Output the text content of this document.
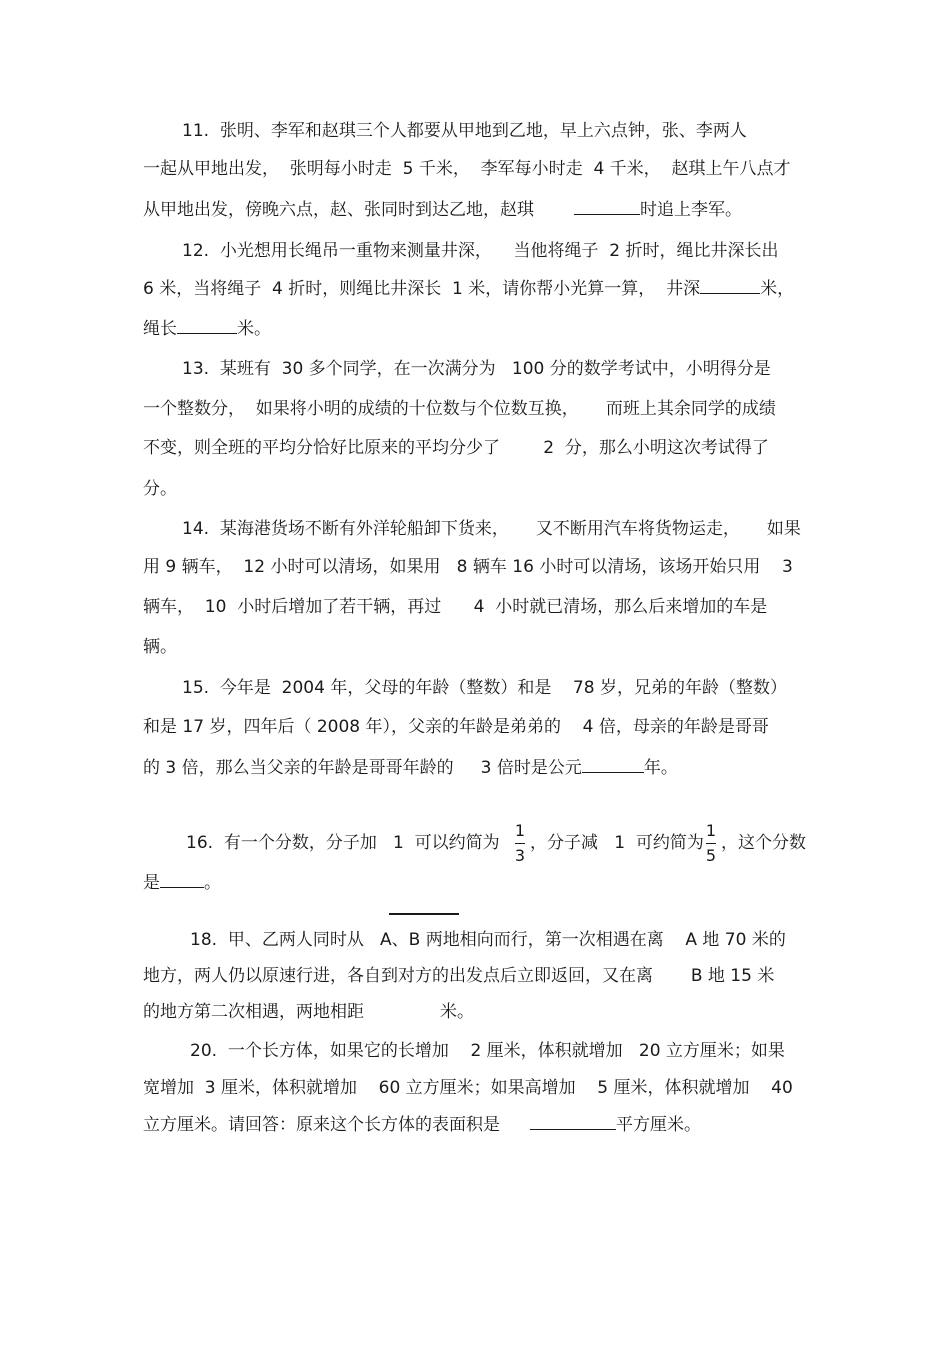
11.  张明、李军和赵琪三个人都要从甲地到乙地，早上六点钟，张、李两人
一起从甲地出发，  张明每小时走  5 千米，  李军每小时走  4 千米，  赵琪上午八点才
从甲地出发，傍晚六点，赵、张同时到达乙地，赵琪	时追上李军。
12.  小光想用长绳吊一重物来测量井深，    当他将绳子  2 折时，绳比井深长出
6 米，当将绳子  4 折时，则绳比井深长  1 米，请你帮小光算一算，  井深	米，
绳长	米。
13.  某班有  30 多个同学，在一次满分为   100 分的数学考试中，小明得分是
一个整数分，  如果将小明的成绩的十位数与个位数互换，     而班上其余同学的成绩
不变，则全班的平均分恰好比原来的平均分少了        2  分，那么小明这次考试得了
分。
14.  某海港货场不断有外洋轮船卸下货来，     又不断用汽车将货物运走，     如果
用 9 辆车，  12 小时可以清场，如果用   8 辆车 16 小时可以清场，该场开始只用    3
辆车，  10  小时后增加了若干辆，再过      4  小时就已清场，那么后来增加的车是
辆。
15.  今年是  2004 年，父母的年龄（整数）和是    78 岁，兄弟的年龄（整数）
和是 17 岁，四年后（ 2008 年），父亲的年龄是弟弟的    4 倍，母亲的年龄是哥哥
的 3 倍，那么当父亲的年龄是哥哥年龄的     3 倍时是公元	年。
16.  有一个分数，分子加   1  可以约简为
1
3
，分子减   1  可约简为
1
5
，这个分数
是	。
18.  甲、乙两人同时从   A、B 两地相向而行，第一次相遇在离    A 地 70 米的
地方，两人仍以原速行进，各自到对方的出发点后立即返回，又在离       B 地 15 米
的地方第二次相遇，两地相距	米。
20.  一个长方体，如果它的长增加    2 厘米，体积就增加   20 立方厘米；如果
宽增加  3 厘米，体积就增加    60 立方厘米；如果高增加    5 厘米，体积就增加    40
立方厘米。请回答：原来这个长方体的表面积是	平方厘米。
